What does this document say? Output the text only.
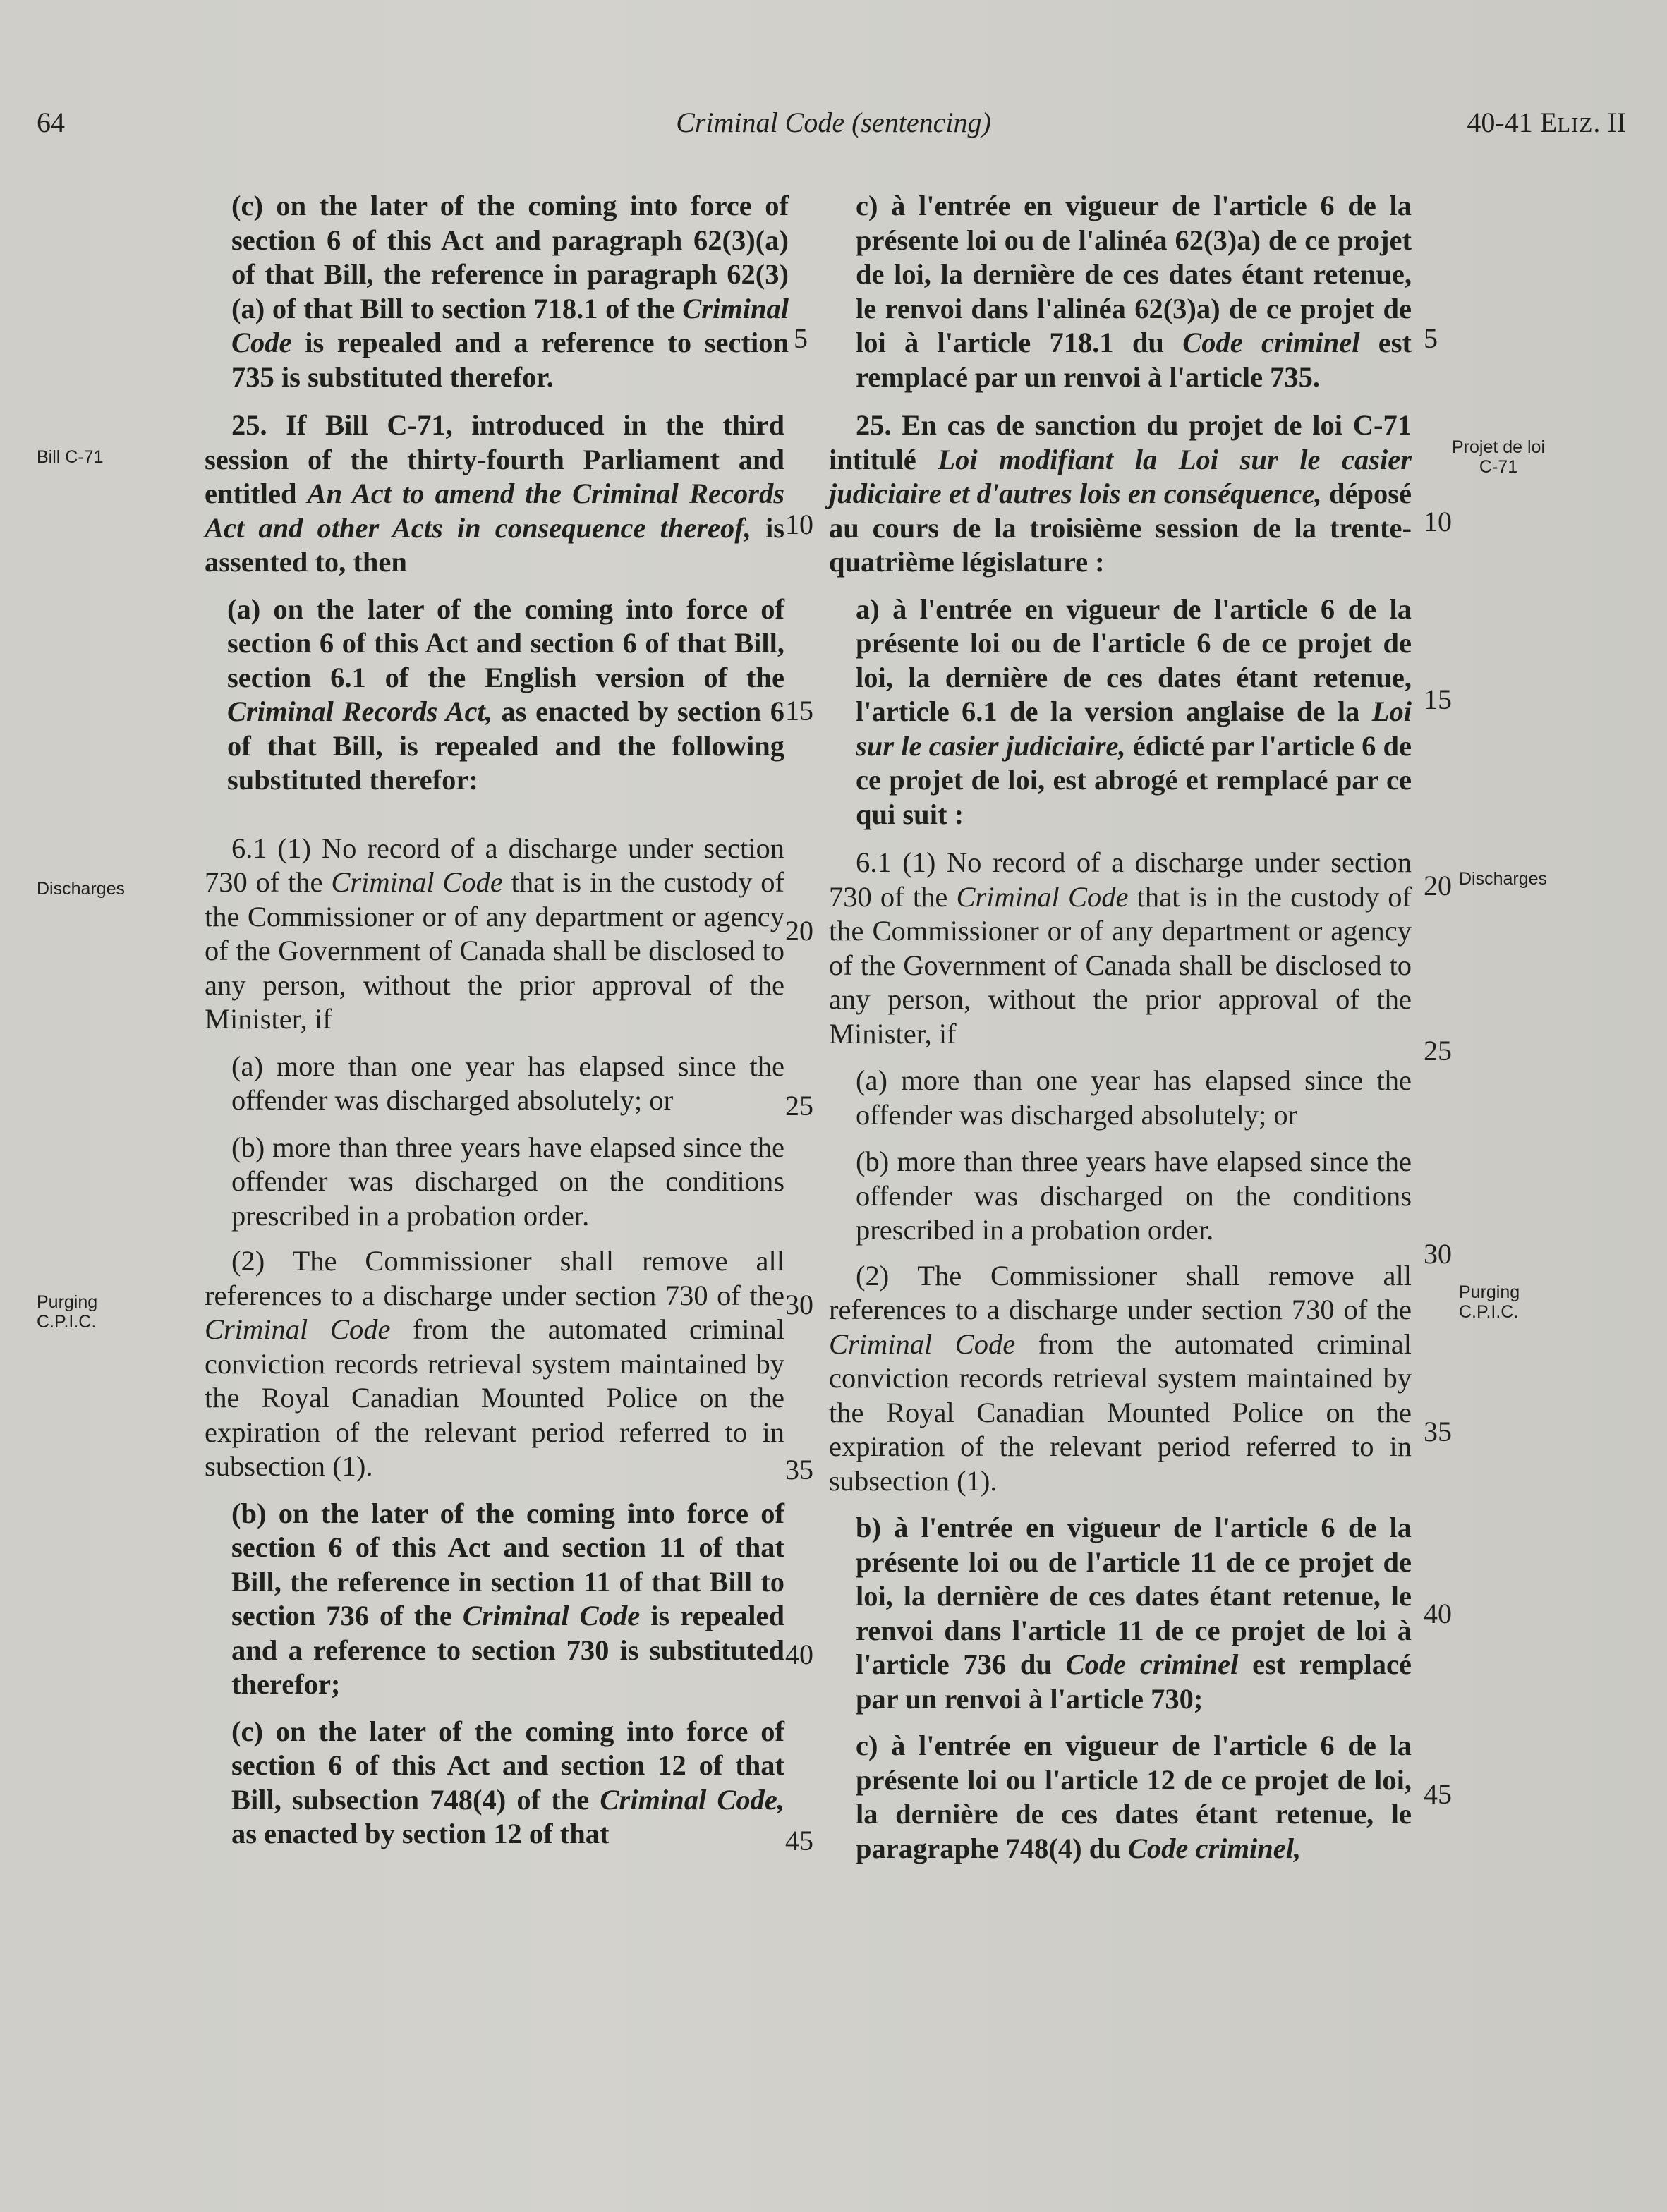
64	Criminal Code (sentencing)	40-41 ELIZ. II
Bill C-71
Discharges
Purging
C.P.I.C.
Projet de loi
C-71
Discharges
Purging
C.P.I.C.
5
10
15
20
25
30
35
40
45
5
10
15
20
25
30
35
40
45
(c) on the later of the coming into force of section 6 of this Act and paragraph 62(3)(a) of that Bill, the reference in paragraph 62(3)(a) of that Bill to section 718.1 of the Criminal Code is repealed and a reference to section 735 is substituted therefor.
25. If Bill C-71, introduced in the third session of the thirty-fourth Parliament and entitled An Act to amend the Criminal Records Act and other Acts in consequence thereof, is assented to, then
(a) on the later of the coming into force of section 6 of this Act and section 6 of that Bill, section 6.1 of the English version of the Criminal Records Act, as enacted by section 6 of that Bill, is repealed and the following substituted therefor:
6.1 (1) No record of a discharge under section 730 of the Criminal Code that is in the custody of the Commissioner or of any department or agency of the Government of Canada shall be disclosed to any person, without the prior approval of the Minister, if
(a) more than one year has elapsed since the offender was discharged absolutely; or
(b) more than three years have elapsed since the offender was discharged on the conditions prescribed in a probation order.
(2) The Commissioner shall remove all references to a discharge under section 730 of the Criminal Code from the automated criminal conviction records retrieval system maintained by the Royal Canadian Mounted Police on the expiration of the relevant period referred to in subsection (1).
(b) on the later of the coming into force of section 6 of this Act and section 11 of that Bill, the reference in section 11 of that Bill to section 736 of the Criminal Code is repealed and a reference to section 730 is substituted therefor;
(c) on the later of the coming into force of section 6 of this Act and section 12 of that Bill, subsection 748(4) of the Criminal Code, as enacted by section 12 of that
c) à l'entrée en vigueur de l'article 6 de la présente loi ou de l'alinéa 62(3)a) de ce projet de loi, la dernière de ces dates étant retenue, le renvoi dans l'alinéa 62(3)a) de ce projet de loi à l'article 718.1 du Code criminel est remplacé par un renvoi à l'article 735.
25. En cas de sanction du projet de loi C-71 intitulé Loi modifiant la Loi sur le casier judiciaire et d'autres lois en conséquence, déposé au cours de la troisième session de la trente-quatrième législature :
a) à l'entrée en vigueur de l'article 6 de la présente loi ou de l'article 6 de ce projet de loi, la dernière de ces dates étant retenue, l'article 6.1 de la version anglaise de la Loi sur le casier judiciaire, édicté par l'article 6 de ce projet de loi, est abrogé et remplacé par ce qui suit :
6.1 (1) No record of a discharge under section 730 of the Criminal Code that is in the custody of the Commissioner or of any department or agency of the Government of Canada shall be disclosed to any person, without the prior approval of the Minister, if
(a) more than one year has elapsed since the offender was discharged absolutely; or
(b) more than three years have elapsed since the offender was discharged on the conditions prescribed in a probation order.
(2) The Commissioner shall remove all references to a discharge under section 730 of the Criminal Code from the automated criminal conviction records retrieval system maintained by the Royal Canadian Mounted Police on the expiration of the relevant period referred to in subsection (1).
b) à l'entrée en vigueur de l'article 6 de la présente loi ou de l'article 11 de ce projet de loi, la dernière de ces dates étant retenue, le renvoi dans l'article 11 de ce projet de loi à l'article 736 du Code criminel est remplacé par un renvoi à l'article 730;
c) à l'entrée en vigueur de l'article 6 de la présente loi ou l'article 12 de ce projet de loi, la dernière de ces dates étant retenue, le paragraphe 748(4) du Code criminel,
